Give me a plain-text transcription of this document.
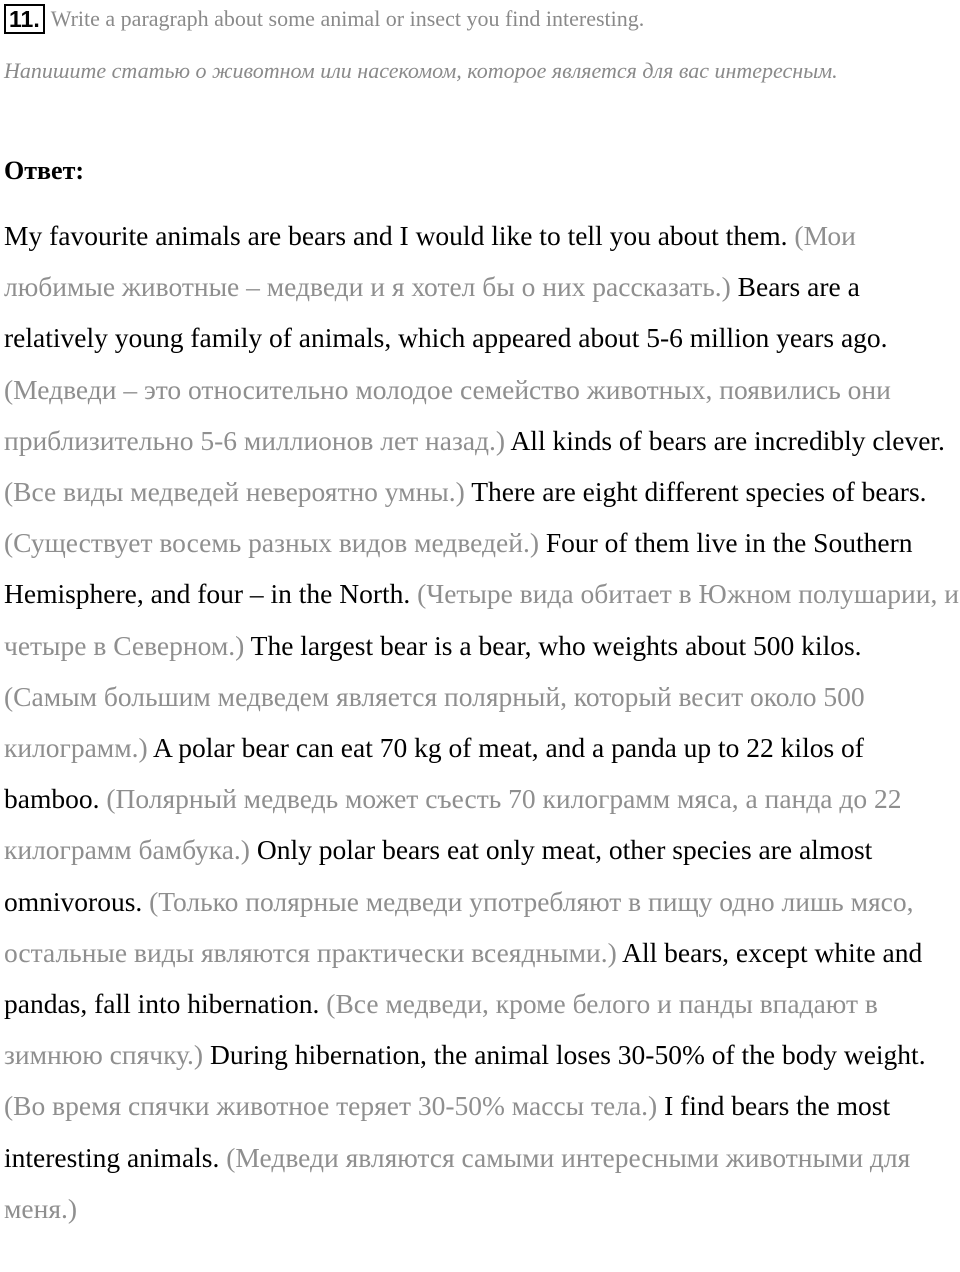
11. Write a paragraph about some animal or insect you find interesting.
Напишите статью о животном или насекомом, которое является для вас интересным.
Ответ:

My favourite animals are bears and I would like to tell you about them. (Мои любимые животные – медведи и я хотел бы о них рассказать.) Bears are a relatively young family of animals, which appeared about 5-6 million years ago. (Медведи – это относительно молодое семейство животных, появились они приблизительно 5-6 миллионов лет назад.) All kinds of bears are incredibly clever. (Все виды медведей невероятно умны.) There are eight different species of bears. (Существует восемь разных видов медведей.) Four of them live in the Southern Hemisphere, and four – in the North. (Четыре вида обитает в Южном полушарии, и четыре в Северном.) The largest bear is a bear, who weights about 500 kilos. (Самым большим медведем является полярный, который весит около 500 килограмм.) A polar bear can eat 70 kg of meat, and a panda up to 22 kilos of bamboo. (Полярный медведь может съесть 70 килограмм мяса, а панда до 22 килограмм бамбука.) Only polar bears eat only meat, other species are almost omnivorous. (Только полярные медведи употребляют в пищу одно лишь мясо, остальные виды являются практически всеядными.) All bears, except white and pandas, fall into hibernation. (Все медведи, кроме белого и панды впадают в зимнюю спячку.) During hibernation, the animal loses 30-50% of the body weight. (Во время спячки животное теряет 30-50% массы тела.) I find bears the most interesting animals. (Медведи являются самыми интересными животными для меня.)
